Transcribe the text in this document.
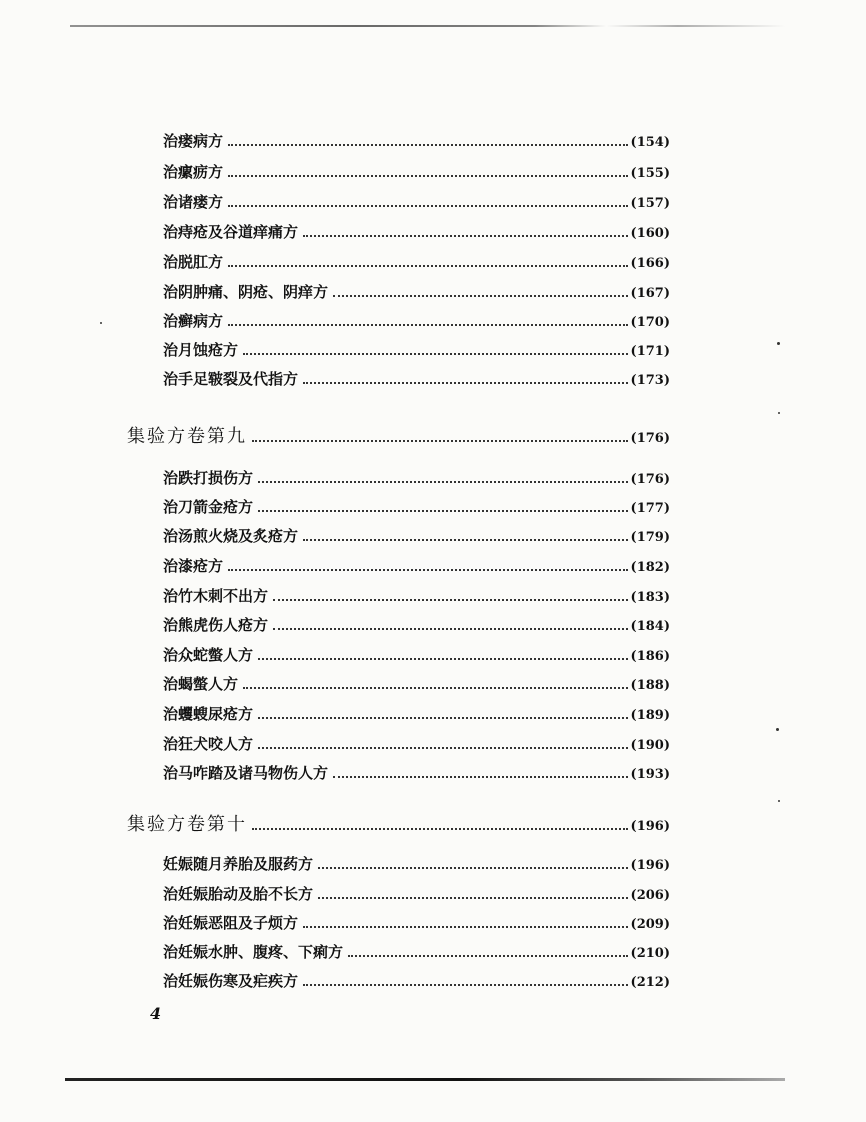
治瘘病方	(154)
治瘰疬方	(155)
治诸瘘方	(157)
治痔疮及谷道痒痛方	(160)
治脱肛方	(166)
治阴肿痛、阴疮、阴痒方	(167)
治癣病方	(170)
治月蚀疮方	(171)
治手足皲裂及代指方	(173)
集验方卷第九	(176)
治跌打损伤方	(176)
治刀箭金疮方	(177)
治汤煎火烧及炙疮方	(179)
治漆疮方	(182)
治竹木刺不出方	(183)
治熊虎伤人疮方	(184)
治众蛇螫人方	(186)
治蝎螫人方	(188)
治蠼螋尿疮方	(189)
治狂犬咬人方	(190)
治马咋踏及诸马物伤人方	(193)
集验方卷第十	(196)
妊娠随月养胎及服药方	(196)
治妊娠胎动及胎不长方	(206)
治妊娠恶阻及子烦方	(209)
治妊娠水肿、腹疼、下痢方	(210)
治妊娠伤寒及疟疾方	(212)
4
